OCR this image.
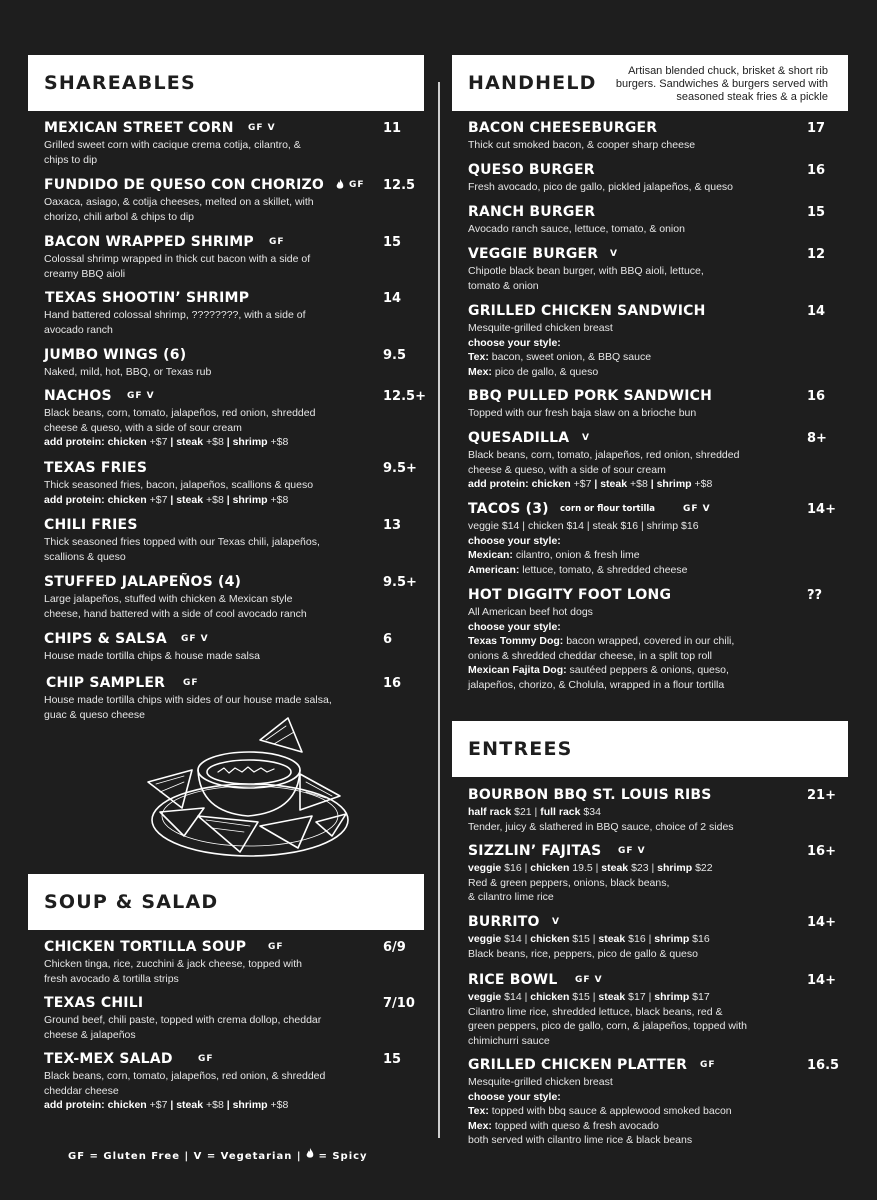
SHAREABLES	HANDHELD
Artisan blended chuck, brisket & short rib burgers. Sandwiches & burgers served with seasoned steak fries & a pickle
SOUP & SALAD
ENTREES
MEXICAN STREET CORN GF V	11
Grilled sweet corn with cacique crema cotija, cilantro, &
chips to dip
FUNDIDO DE QUESO CON CHORIZO	GF 12.5
Oaxaca, asiago, & cotija cheeses, melted on a skillet, with
chorizo, chili arbol & chips to dip
BACON WRAPPED SHRIMP GF	15
Colossal shrimp wrapped in thick cut bacon with a side of
creamy BBQ aioli
TEXAS SHOOTIN’ SHRIMP	14
Hand battered colossal shrimp, ????????, with a side of
avocado ranch
JUMBO WINGS (6)	9.5
Naked, mild, hot, BBQ, or Texas rub
NACHOS GF V	12.5+
Black beans, corn, tomato, jalapeños, red onion, shredded
cheese & queso, with a side of sour cream
add protein: chicken +$7 | steak +$8 | shrimp +$8
TEXAS FRIES	9.5+
Thick seasoned fries, bacon, jalapeños, scallions & queso
add protein: chicken +$7 | steak +$8 | shrimp +$8
CHILI FRIES	13
Thick seasoned fries topped with our Texas chili, jalapeños,
scallions & queso
STUFFED JALAPEÑOS (4)	9.5+
Large jalapeños, stuffed with chicken & Mexican style
cheese, hand battered with a side of cool avocado ranch
CHIPS & SALSA GF V	6
House made tortilla chips & house made salsa
CHIP SAMPLER GF	16
House made tortilla chips with sides of our house made salsa,
guac & queso cheese
CHICKEN TORTILLA SOUP GF	6/9
Chicken tinga, rice, zucchini & jack cheese, topped with
fresh avocado & tortilla strips
TEXAS CHILI	7/10
Ground beef, chili paste, topped with crema dollop, cheddar
cheese & jalapeños
TEX-MEX SALAD	GF	15
Black beans, corn, tomato, jalapeños, red onion, & shredded
cheddar cheese
add protein: chicken +$7 | steak +$8 | shrimp +$8
BACON CHEESEBURGER	17
Thick cut smoked bacon, & cooper sharp cheese
QUESO BURGER	16
Fresh avocado, pico de gallo, pickled jalapeños, & queso
RANCH BURGER	15
Avocado ranch sauce, lettuce, tomato, & onion
VEGGIE BURGER V	12
Chipotle black bean burger, with BBQ aioli, lettuce,
tomato & onion
GRILLED CHICKEN SANDWICH	14
Mesquite-grilled chicken breast
choose your style:
Tex: bacon, sweet onion, & BBQ sauce
Mex: pico de gallo, & queso
BBQ PULLED PORK SANDWICH	16
Topped with our fresh baja slaw on a brioche bun
QUESADILLA V	8+
Black beans, corn, tomato, jalapeños, red onion, shredded
cheese & queso, with a side of sour cream
add protein: chicken +$7 | steak +$8 | shrimp +$8
TACOS (3) corn or flour tortilla	GF V	14+
veggie $14 | chicken $14 | steak $16 | shrimp $16
choose your style:
Mexican: cilantro, onion & fresh lime
American: lettuce, tomato, & shredded cheese
HOT DIGGITY FOOT LONG	??
All American beef hot dogs
choose your style:
Texas Tommy Dog: bacon wrapped, covered in our chili,
onions & shredded cheddar cheese, in a split top roll
Mexican Fajita Dog: sautéed peppers & onions, queso,
jalapeños, chorizo, & Cholula, wrapped in a flour tortilla
BOURBON BBQ ST. LOUIS RIBS	21+
half rack $21 | full rack $34
Tender, juicy & slathered in BBQ sauce, choice of 2 sides
SIZZLIN’ FAJITAS GF V	16+
veggie $16 | chicken 19.5 | steak $23 | shrimp $22
Red & green peppers, onions, black beans,
& cilantro lime rice
BURRITO V	14+
veggie $14 | chicken $15 | steak $16 | shrimp $16
Black beans, rice, peppers, pico de gallo & queso
RICE BOWL GF V	14+
veggie $14 | chicken $15 | steak $17 | shrimp $17
Cilantro lime rice, shredded lettuce, black beans, red &
green peppers, pico de gallo, corn, & jalapeños, topped with
chimichurri sauce
GRILLED CHICKEN PLATTER GF	16.5
Mesquite-grilled chicken breast
choose your style:
Tex: topped with bbq sauce & applewood smoked bacon
Mex: topped with queso & fresh avocado
both served with cilantro lime rice & black beans
GF = Gluten Free | V = Vegetarian | = Spicy
